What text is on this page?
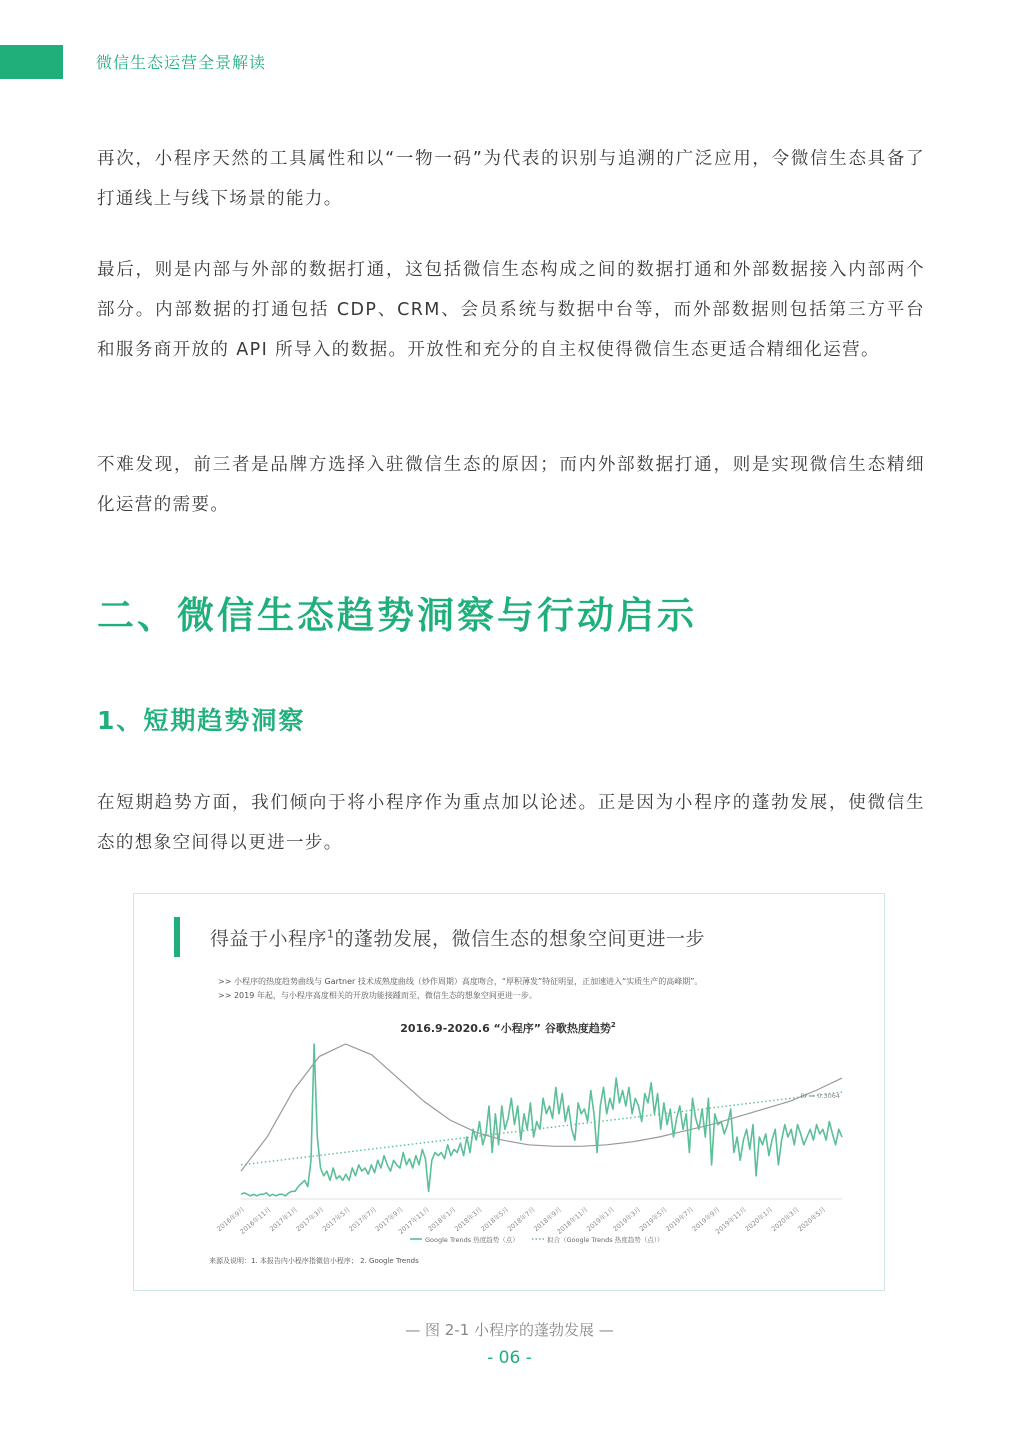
微信生态运营全景解读

再次，小程序天然的工具属性和以“一物一码”为代表的识别与追溯的广泛应用，令微信生态具备了打通线上与线下场景的能力。

最后，则是内部与外部的数据打通，这包括微信生态构成之间的数据打通和外部数据接入内部两个部分。内部数据的打通包括 CDP、CRM、会员系统与数据中台等，而外部数据则包括第三方平台和服务商开放的 API 所导入的数据。开放性和充分的自主权使得微信生态更适合精细化运营。

不难发现，前三者是品牌方选择入驻微信生态的原因；而内外部数据打通，则是实现微信生态精细化运营的需要。

二、微信生态趋势洞察与行动启示
1、短期趋势洞察

在短期趋势方面，我们倾向于将小程序作为重点加以论述。正是因为小程序的蓬勃发展，使微信生态的想象空间得以更进一步。

得益于小程序$^1$的蓬勃发展，微信生态的想象空间更进一步
>> 小程序的热度趋势曲线与 Gartner 技术成熟度曲线（炒作周期）高度吻合，“厚积薄发”特征明显，正加速进入“实质生产的高峰期”。
>> 2019 年起，与小程序高度相关的开放功能接踵而至，微信生态的想象空间更进一步。
2016.9-2020.6 “小程序” 谷歌热度趋势$^2$
2016年9月
2016年11月
2017年1月
2017年3月
2017年5月
2017年7月
2017年9月
2017年11月
2018年1月
2018年3月
2018年5月
2018年7月
2018年9月
2018年11月
2019年1月
2019年3月
2019年5月
2019年7月
2019年9月
2019年11月
2020年1月
2020年3月
2020年5月
R² = 0.3064
Google Trends 热度趋势（点）	拟合（Google Trends 热度趋势（点））
来源及说明：1. 本报告内小程序指微信小程序； 2. Google Trends
— 图 2-1 小程序的蓬勃发展 —
- 06 -
